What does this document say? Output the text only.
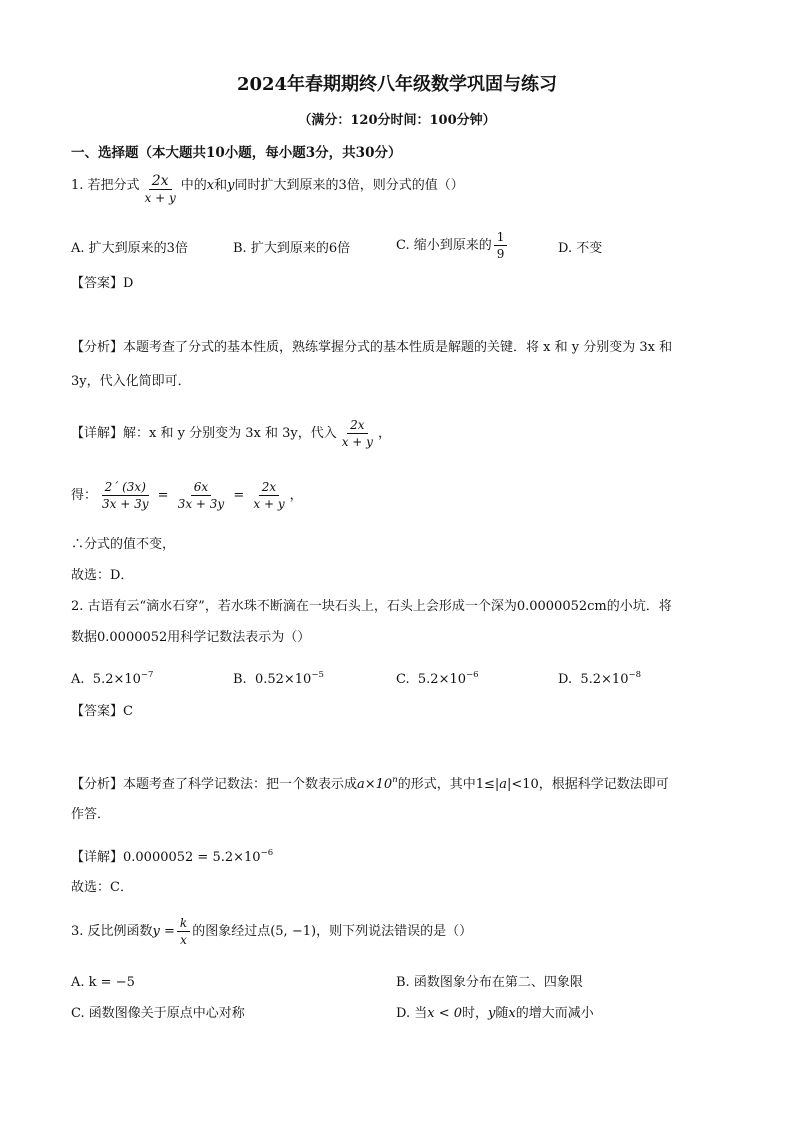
2024年春期期终八年级数学巩固与练习
（满分：120分时间：100分钟）
一、选择题（本大题共10小题，每小题3分，共30分）
1. 若把分式 $\frac{2x}{x + y}$ 中的x和y同时扩大到原来的3倍，则分式的值（）
A. 扩大到原来的3倍	B. 扩大到原来的6倍	C. 缩小到原来的 $\frac{1}{9}$	D. 不变
【答案】D
【分析】本题考查了分式的基本性质，熟练掌握分式的基本性质是解题的关键．将 x 和 y 分别变为 3x 和
3y，代入化简即可．
【详解】解：x 和 y 分别变为 3x 和 3y，代入 $\frac{2x}{x + y}$ ，
得： $\frac{2´ (3x)}{3x + 3y} = \frac{6x}{3x + 3y} = \frac{2x}{x + y}$ ，
∴分式的值不变，
故选：D．
2. 古语有云“滴水石穿”，若水珠不断滴在一块石头上，石头上会形成一个深为0.0000052cm的小坑．将
数据0.0000052用科学记数法表示为（）
A. $5.2\times 10^{-7}$	B. $0.52\times 10^{-5}$	C. $5.2\times 10^{-6}$	D. $5.2\times 10^{-8}$
【答案】C
【分析】本题考查了科学记数法：把一个数表示成$a\times 10^n$的形式，其中1≤|a|<10，根据科学记数法即可
作答．
【详解】$0.0000052 = 5.2\times 10^{-6}$
故选：C．
3. 反比例函数$y = \frac{k}{x}$ 的图象经过点(5, −1)，则下列说法错误的是（）
A. k = −5	B. 函数图象分布在第二、四象限
C. 函数图像关于原点中心对称	D. 当x < 0时，y随x的增大而减小
